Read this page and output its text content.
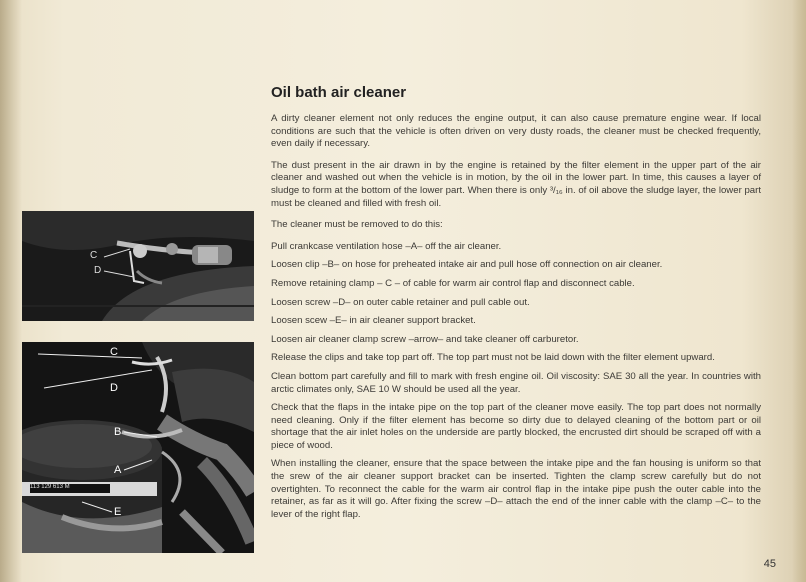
C
D
C
D
B
A
E
113 129 613 M
Oil bath air cleaner

A dirty cleaner element not only reduces the engine output, it can also cause premature engine wear. If local conditions are such that the vehicle is often driven on very dusty roads, the cleaner must be checked frequently, even daily if necessary.

The dust present in the air drawn in by the engine is retained by the filter element in the upper part of the air cleaner and washed out when the vehicle is in motion, by the oil in the lower part. In time, this causes a layer of sludge to form at the bottom of the lower part. When there is only ³/₁₆ in. of oil above the sludge layer, the lower part must be cleaned and filled with fresh oil.

The cleaner must be removed to do this:

Pull crankcase ventilation hose –A– off the air cleaner.

Loosen clip –B– on hose for preheated intake air and pull hose off connection on air cleaner.

Remove retaining clamp – C – of cable for warm air control flap and disconnect cable.

Loosen screw –D– on outer cable retainer and pull cable out.

Loosen scew –E– in air cleaner support bracket.

Loosen air cleaner clamp screw –arrow– and take cleaner off carburetor.

Release the clips and take top part off. The top part must not be laid down with the filter element upward.

Clean bottom part carefully and fill to mark with fresh engine oil. Oil viscosity: SAE 30 all the year. In countries with arctic climates only, SAE 10 W should be used all the year.

Check that the flaps in the intake pipe on the top part of the cleaner move easily. The top part does not normally need cleaning. Only if the filter element has become so dirty due to delayed cleaning of the bottom part or oil shortage that the air inlet holes on the underside are partly blocked, the encrusted dirt should be scraped off with a piece of wood.

When installing the cleaner, ensure that the space between the intake pipe and the fan housing is uniform so that the srew of the air cleaner support bracket can be inserted. Tighten the clamp screw carefully but do not overtighten. To reconnect the cable for the warm air control flap in the intake pipe push the outer cable into the retainer, as far as it will go. After fixing the screw –D– attach the end of the inner cable with the clamp –C– to the lever of the right flap.

45
